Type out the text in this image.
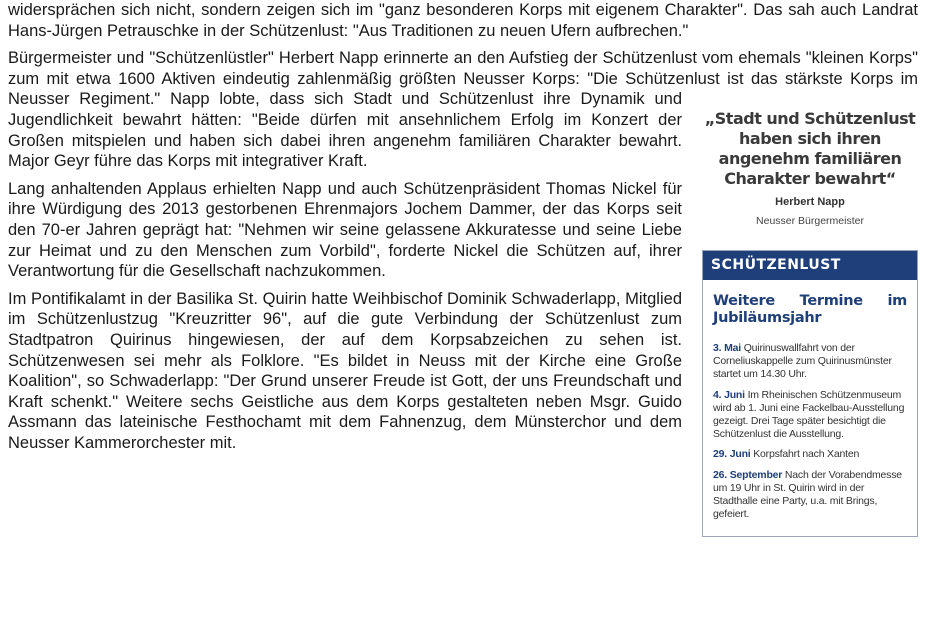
widersprächen sich nicht, sondern zeigen sich im "ganz besonderen Korps mit eigenem Charakter". Das sah auch Landrat Hans-Jürgen Petrauschke in der Schützenlust: "Aus Traditionen zu neuen Ufern aufbrechen."

Bürgermeister und "Schützenlüstler" Herbert Napp erinnerte an den Aufstieg der Schützenlust vom ehemals "kleinen Korps" zum mit etwa 1600 Aktiven eindeutig zahlenmäßig größten Neusser Korps: "Die Schützenlust ist das stärkste Korps im Neusser Regiment."

„Stadt und Schützenlust haben sich ihren angenehm familiären Charakter bewahrt“

Herbert Napp

Neusser Bürgermeister

SCHÜTZENLUST

Weitere Termine im Jubiläumsjahr

3. Mai Quirinuswallfahrt von der Corneliuskappelle zum Quirinusmünster startet um 14.30 Uhr.

4. Juni Im Rheinischen Schützenmuseum wird ab 1. Juni eine Fackelbau-Ausstellung gezeigt. Drei Tage später besichtigt die Schützenlust die Ausstellung.

29. Juni Korpsfahrt nach Xanten

26. September Nach der Vorabendmesse um 19 Uhr in St. Quirin wird in der Stadthalle eine Party, u.a. mit Brings, gefeiert.

Napp lobte, dass sich Stadt und Schützenlust ihre Dynamik und Jugendlichkeit bewahrt hätten: "Beide dürfen mit ansehnlichem Erfolg im Konzert der Großen mitspielen und haben sich dabei ihren angenehm familiären Charakter bewahrt. Major Geyr führe das Korps mit integrativer Kraft.

Lang anhaltenden Applaus erhielten Napp und auch Schützenpräsident Thomas Nickel für ihre Würdigung des 2013 gestorbenen Ehrenmajors Jochem Dammer, der das Korps seit den 70-er Jahren geprägt hat: "Nehmen wir seine gelassene Akkuratesse und seine Liebe zur Heimat und zu den Menschen zum Vorbild", forderte Nickel die Schützen auf, ihrer Verantwortung für die Gesellschaft nachzukommen.

Im Pontifikalamt in der Basilika St. Quirin hatte Weihbischof Dominik Schwaderlapp, Mitglied im Schützenlustzug "Kreuzritter 96", auf die gute Verbindung der Schützenlust zum Stadtpatron Quirinus hingewiesen, der auf dem Korpsabzeichen zu sehen ist. Schützenwesen sei mehr als Folklore. "Es bildet in Neuss mit der Kirche eine Große Koalition", so Schwaderlapp: "Der Grund unserer Freude ist Gott, der uns Freundschaft und Kraft schenkt." Weitere sechs Geistliche aus dem Korps gestalteten neben Msgr. Guido Assmann das lateinische Festhochamt mit dem Fahnenzug, dem Münsterchor und dem Neusser Kammerorchester mit.
